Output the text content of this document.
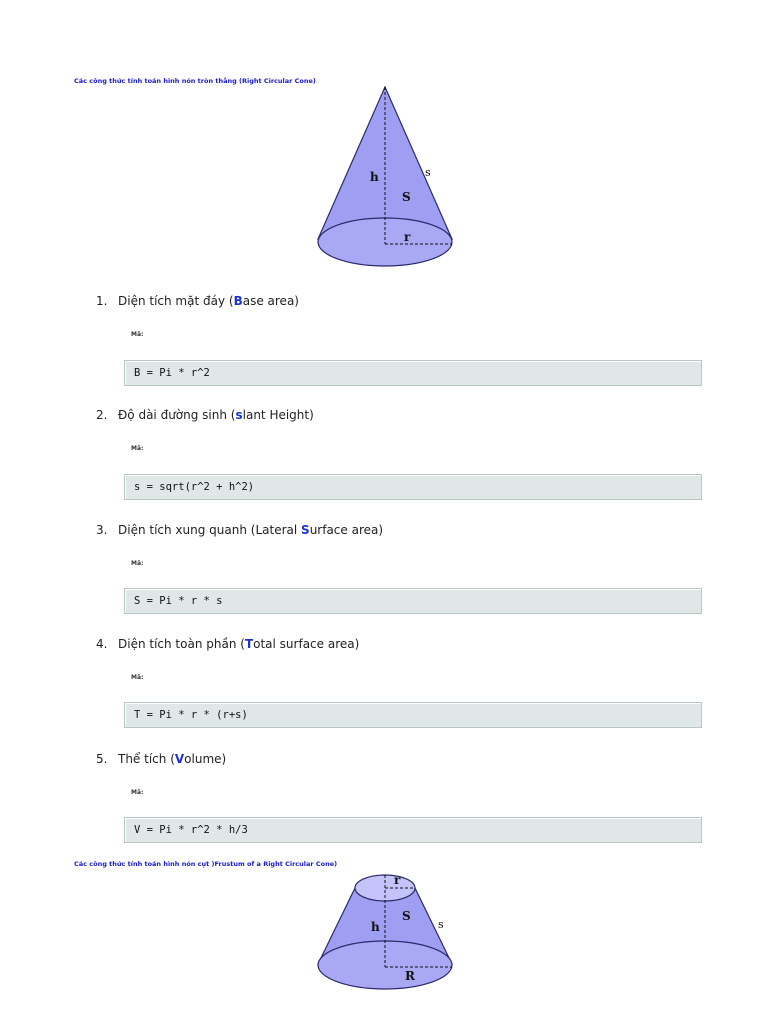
Các công thức tính toán hình nón tròn thẳng (Right Circular Cone)
h	s
S
r
1. Diện tích mặt đáy (Base area)
Mã:
B = Pi * r^2
2. Độ dài đường sinh (slant Height)
Mã:
s = sqrt(r^2 + h^2)
3. Diện tích xung quanh (Lateral Surface area)
Mã:
S = Pi * r * s
4. Diện tích toàn phần (Total surface area)
Mã:
T = Pi * r * (r+s)
5. Thể tích (Volume)
Mã:
V = Pi * r^2 * h/3
Các công thức tính toán hình nón cụt )Frustum of a Right Circular Cone)
r
h
S
s
R
